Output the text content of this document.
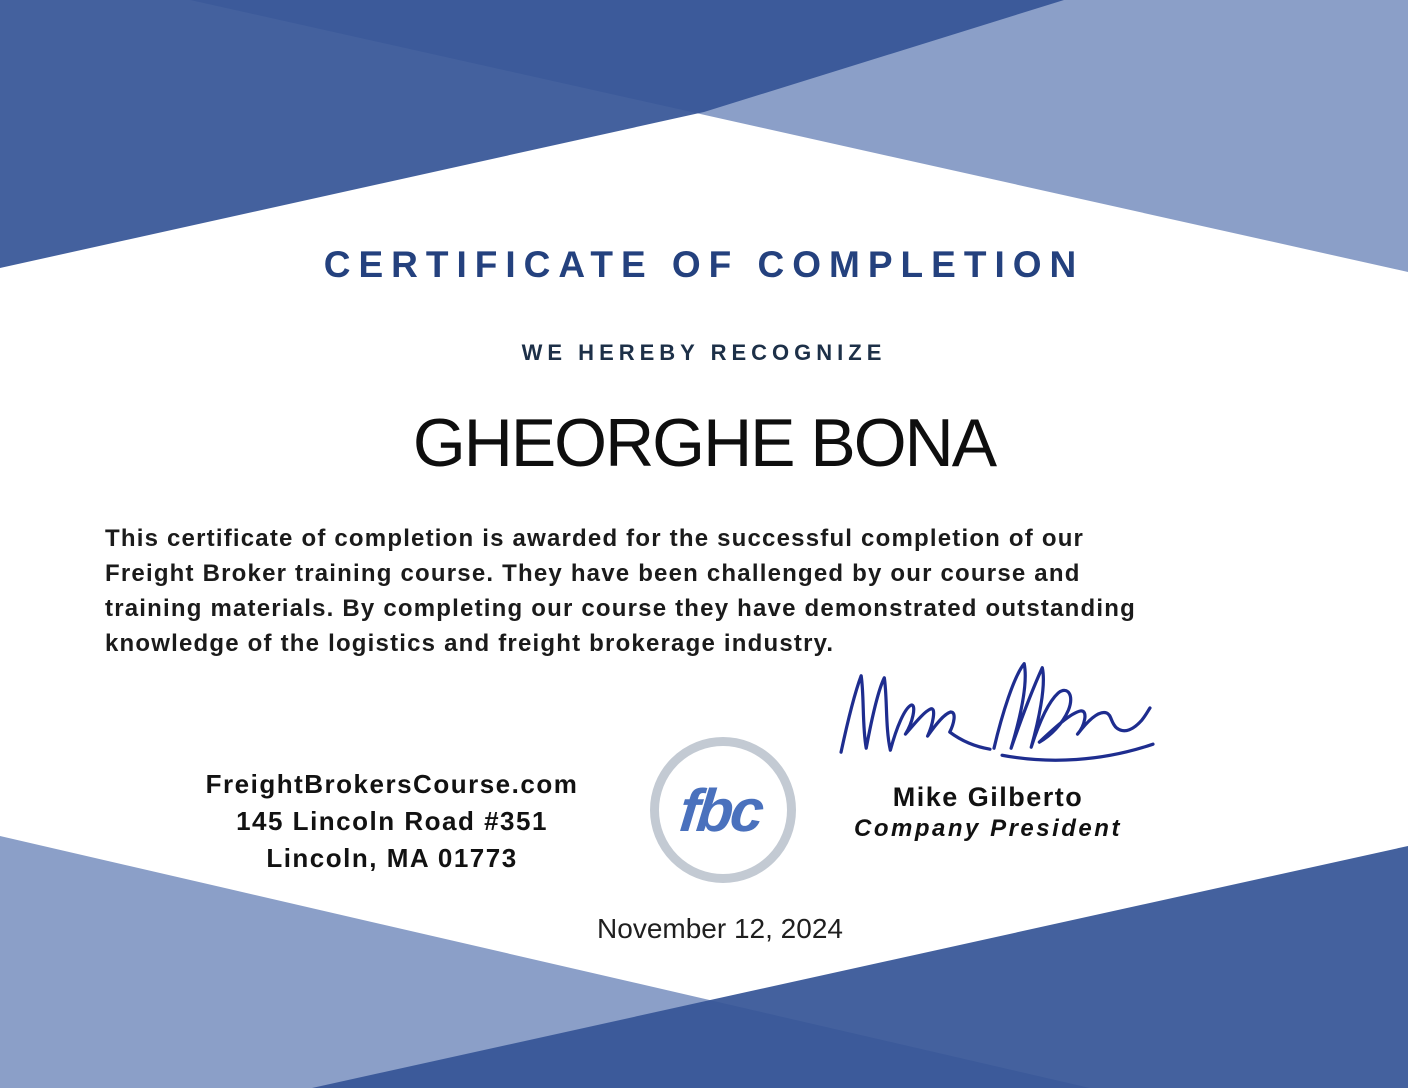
CERTIFICATE OF COMPLETION
WE HEREBY RECOGNIZE
GHEORGHE BONA
This certificate of completion is awarded for the successful completion of our
Freight Broker training course. They have been challenged by our course and
training materials. By completing our course they have demonstrated outstanding
knowledge of the logistics and freight brokerage industry.
FreightBrokersCourse.com
145 Lincoln Road #351
Lincoln, MA 01773
fbc	Mike Gilberto
Company President
November 12, 2024
